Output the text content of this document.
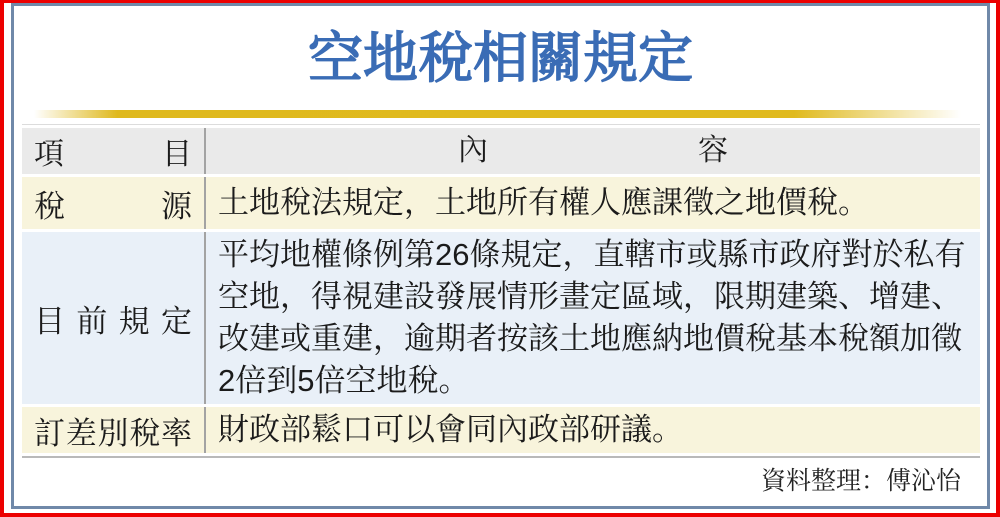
空地稅相關規定
項目	內　　　　　　　容
稅源	土地稅法規定，土地所有權人應課徵之地價稅。
目前規定	平均地權條例第26條規定，直轄市或縣市政府對於私有空地，得視建設發展情形畫定區域，限期建築、增建、改建或重建，逾期者按該土地應納地價稅基本稅額加徵2倍到5倍空地稅。
訂差別稅率	財政部鬆口可以會同內政部研議。
資料整理：傅沁怡
